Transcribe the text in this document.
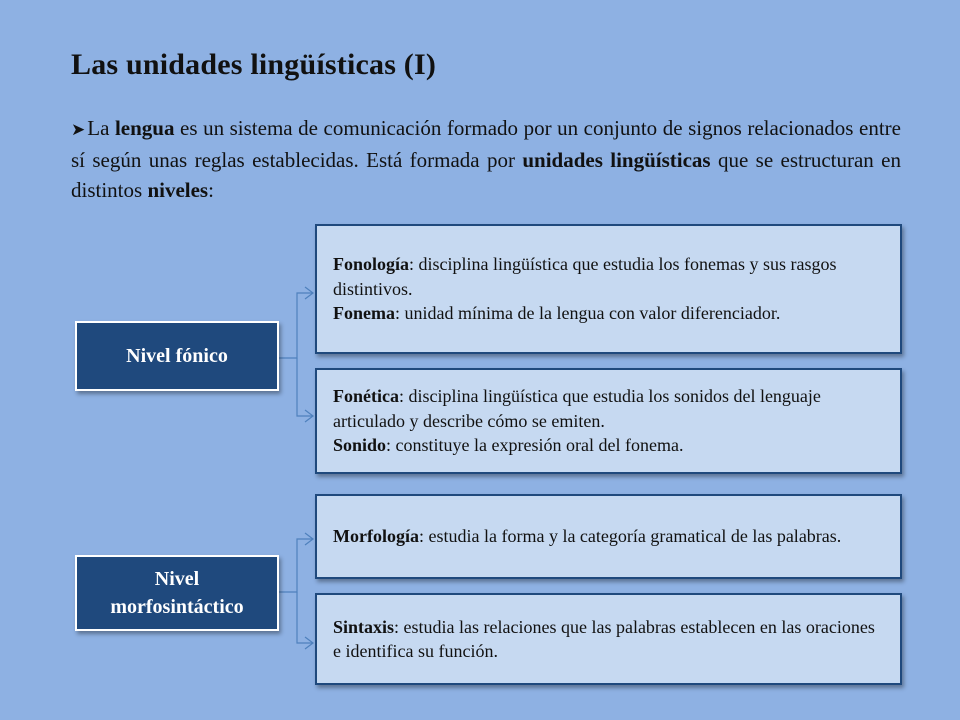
Las unidades lingüísticas (I)
➤La lengua es un sistema de comunicación formado por un conjunto de signos relacionados entre sí según unas reglas establecidas. Está formada por unidades lingüísticas que se estructuran en distintos niveles:
Nivel fónico
Fonología: disciplina lingüística que estudia los fonemas y sus rasgos distintivos.
Fonema: unidad mínima de la lengua con valor diferenciador.
Fonética: disciplina lingüística que estudia los sonidos del lenguaje articulado y describe cómo se emiten.
Sonido: constituye la expresión oral del fonema.
Nivel
morfosintáctico
Morfología: estudia la forma y la categoría gramatical de las palabras.
Sintaxis: estudia las relaciones que las palabras establecen en las oraciones e identifica su función.
